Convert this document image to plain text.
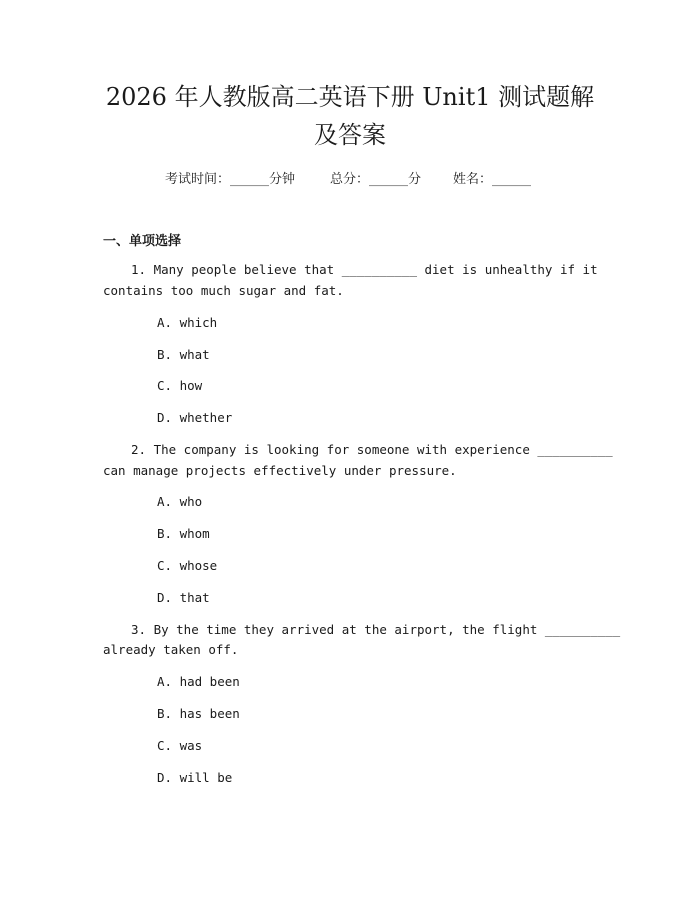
2026 年人教版高二英语下册 Unit1 测试题解
及答案
考试时间：______分钟	总分：______分 姓名：______
一、单项选择
1. Many people believe that __________ diet is unhealthy if it
contains too much sugar and fat.
A. which
B. what
C. how
D. whether
2. The company is looking for someone with experience __________
can manage projects effectively under pressure.
A. who
B. whom
C. whose
D. that
3. By the time they arrived at the airport, the flight __________
already taken off.
A. had been
B. has been
C. was
D. will be
